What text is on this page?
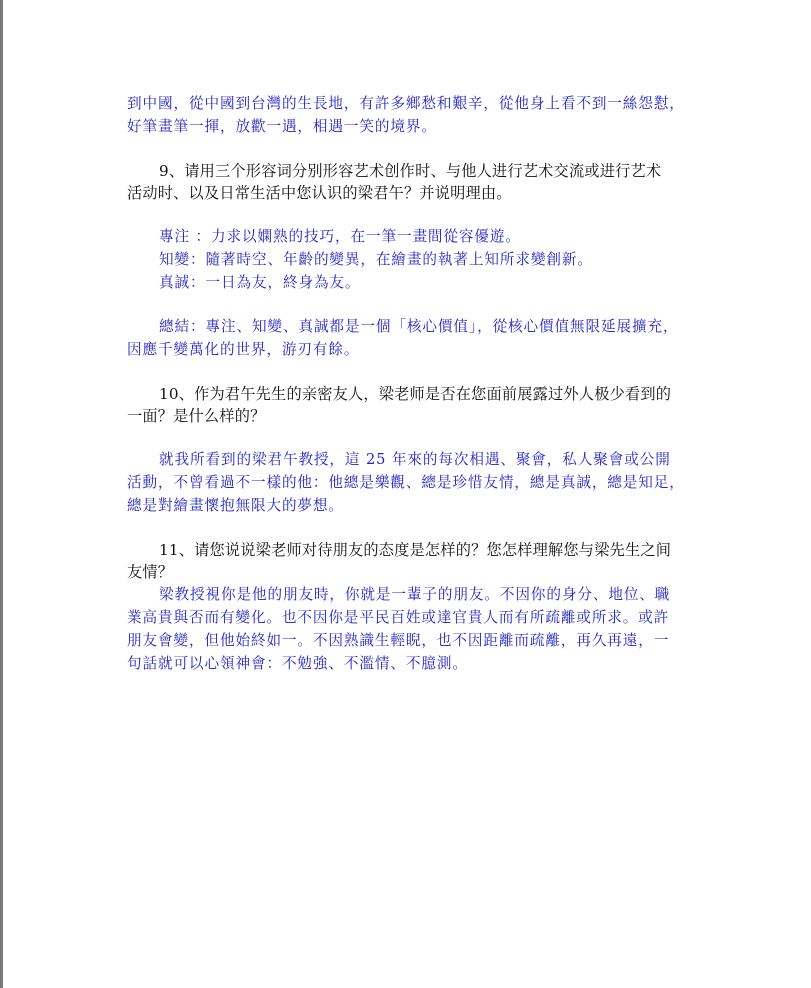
到中國，從中國到台灣的生長地，有許多鄉愁和艱辛，從他身上看不到一絲怨懟，
好筆畫筆一揮，放歡一遇，相遇一笑的境界。
9、请用三个形容词分别形容艺术创作时、与他人进行艺术交流或进行艺术
活动时、以及日常生活中您认识的梁君午？并说明理由。
專注 ：力求以嫻熟的技巧，在一筆一畫間從容優遊。
知變：隨著時空、年齡的變異，在繪畫的執著上知所求變創新。
真誠：一日為友，終身為友。
總結：專注、知變、真誠都是一個「核心價值」，從核心價值無限延展擴充，
因應千變萬化的世界，游刃有餘。
10、作为君午先生的亲密友人，梁老师是否在您面前展露过外人极少看到的
一面？是什么样的？
就我所看到的梁君午教授，這 25 年來的每次相遇、聚會，私人聚會或公開
活動，不曾看過不一樣的他：他總是樂觀、總是珍惜友情，總是真誠，總是知足，
總是對繪畫懷抱無限大的夢想。
11、请您说说梁老师对待朋友的态度是怎样的？您怎样理解您与梁先生之间
友情？
梁教授視你是他的朋友時，你就是一輩子的朋友。不因你的身分、地位、職
業高貴與否而有變化。也不因你是平民百姓或達官貴人而有所疏離或所求。或許
朋友會變，但他始終如一。不因熟識生輕睨，也不因距離而疏離，再久再遠，一
句話就可以心領神會：不勉強、不濫情、不臆測。
